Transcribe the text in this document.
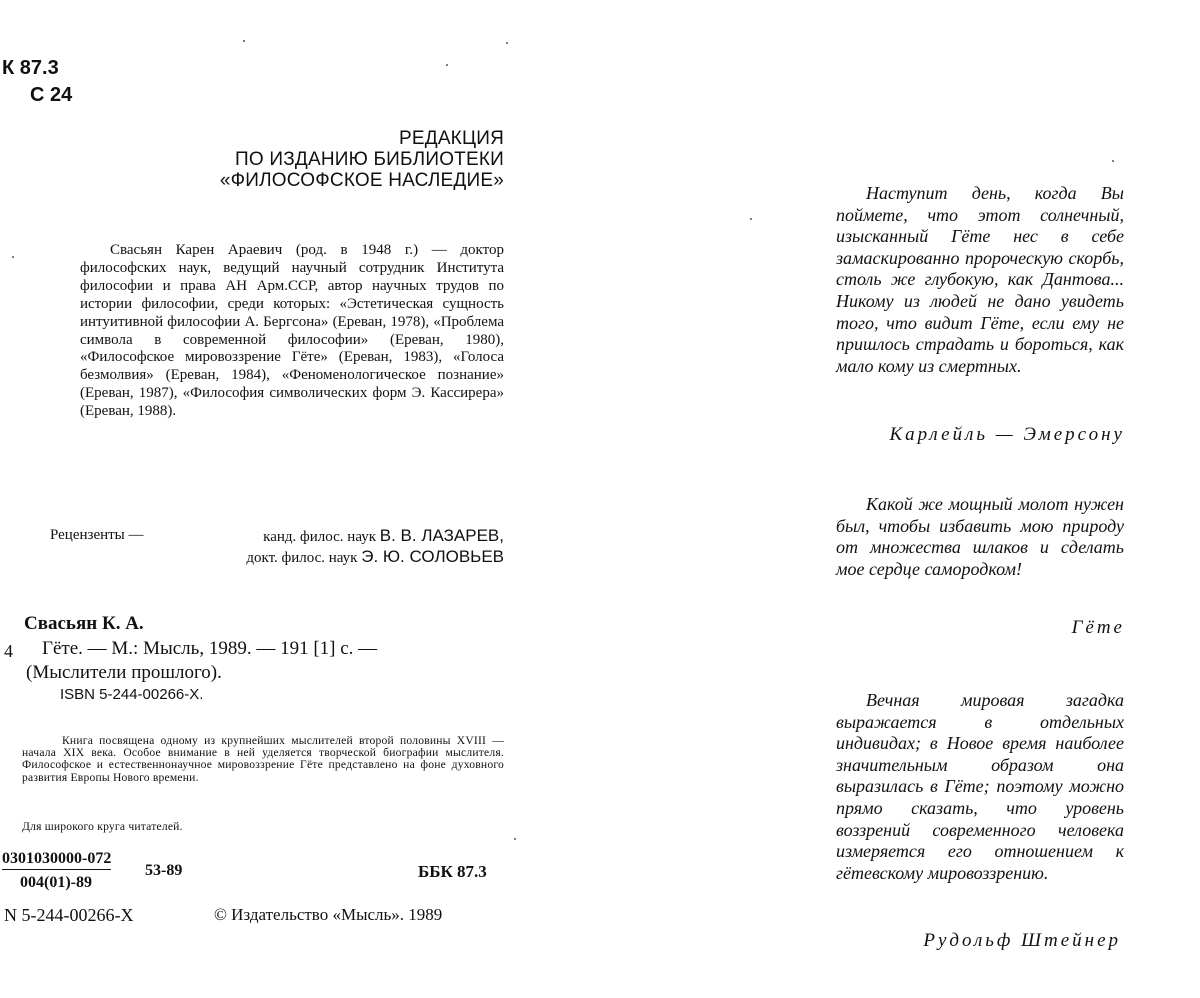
К 87.3
С 24
РЕДАКЦИЯ
ПО ИЗДАНИЮ БИБЛИОТЕКИ
«ФИЛОСОФСКОЕ НАСЛЕДИЕ»
Свасьян Карен Араевич (род. в 1948 г.) — доктор философских наук, ведущий научный сотрудник Института философии и права АН Арм.ССР, автор научных трудов по истории философии, среди которых: «Эстетическая сущность интуитивной философии А. Бергсона» (Ереван, 1978), «Проблема символа в современной философии» (Ереван, 1980), «Философское мировоззрение Гёте» (Ереван, 1983), «Голоса безмолвия» (Ереван, 1984), «Феноменологическое познание» (Ереван, 1987), «Философия символических форм Э. Кассирера» (Ереван, 1988).
Рецензенты —	канд. филос. наук В. В. ЛАЗАРЕВ,
докт. филос. наук Э. Ю. СОЛОВЬЕВ
Свасьян К. А.
4 Гёте. — М.: Мысль, 1989. — 191 [1] с. —
(Мыслители прошлого).
ISBN 5-244-00266-Х.
Книга посвящена одному из крупнейших мыслителей второй половины XVIII — начала XIX века. Особое внимание в ней уделяется творческой биографии мыслителя. Философское и естественнонаучное мировоззрение Гёте представлено на фоне духовного развития Европы Нового времени.
Для широкого круга читателей.
0301030000-072
004(01)-89
53-89	ББК 87.3
N 5-244-00266-X	© Издательство «Мысль». 1989
Наступит день, когда Вы поймете, что этот солнечный, изысканный Гёте нес в себе замаскированно пророческую скорбь, столь же глубокую, как Дантова... Никому из людей не дано увидеть того, что видит Гёте, если ему не пришлось страдать и бороться, как мало кому из смертных.
Карлейль — Эмерсону
Какой же мощный молот нужен был, чтобы избавить мою природу от множества шлаков и сделать мое сердце самородком!
Гёте
Вечная мировая загадка выражается в отдельных индивидах; в Новое время наиболее значительным образом она выразилась в Гёте; поэтому можно прямо сказать, что уровень воззрений современного человека измеряется его отношением к гётевскому мировоззрению.
Рудольф Штейнер
